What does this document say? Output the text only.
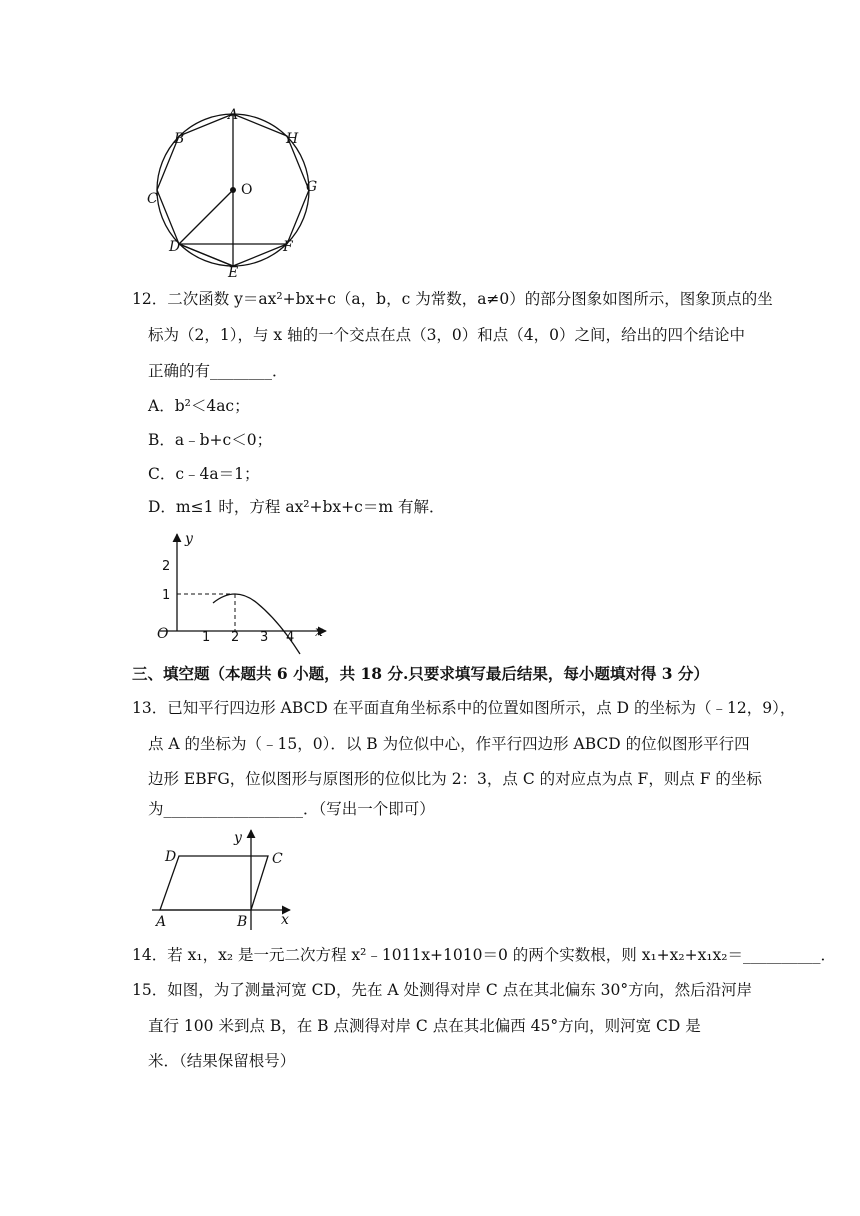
A
B	H
C
G
O
D	F
E
12．二次函数 y＝ax²+bx+c（a，b，c 为常数，a≠0）的部分图象如图所示，图象顶点的坐
标为（2，1），与 x 轴的一个交点在点（3，0）和点（4，0）之间，给出的四个结论中
正确的有________．
A．b²＜4ac；
B．a﹣b+c＜0；
C．c﹣4a＝1；
D．m≤1 时，方程 ax²+bx+c＝m 有解．
y
x
O	1 2 3 4
1
2
三、填空题（本题共 6 小题，共 18 分.只要求填写最后结果，每小题填对得 3 分）
13．已知平行四边形 ABCD 在平面直角坐标系中的位置如图所示，点 D 的坐标为（﹣12，9），
点 A 的坐标为（﹣15，0）．以 B 为位似中心，作平行四边形 ABCD 的位似图形平行四
边形 EBFG，位似图形与原图形的位似比为 2：3，点 C 的对应点为点 F，则点 F 的坐标
为__________________．（写出一个即可）
D	C
A	B
y
x
14．若 x₁，x₂ 是一元二次方程 x²﹣1011x+1010＝0 的两个实数根，则 x₁+x₂+x₁x₂＝__________．
15．如图，为了测量河宽 CD，先在 A 处测得对岸 C 点在其北偏东 30°方向，然后沿河岸
直行 100 米到点 B，在 B 点测得对岸 C 点在其北偏西 45°方向，则河宽 CD 是
米．（结果保留根号）
